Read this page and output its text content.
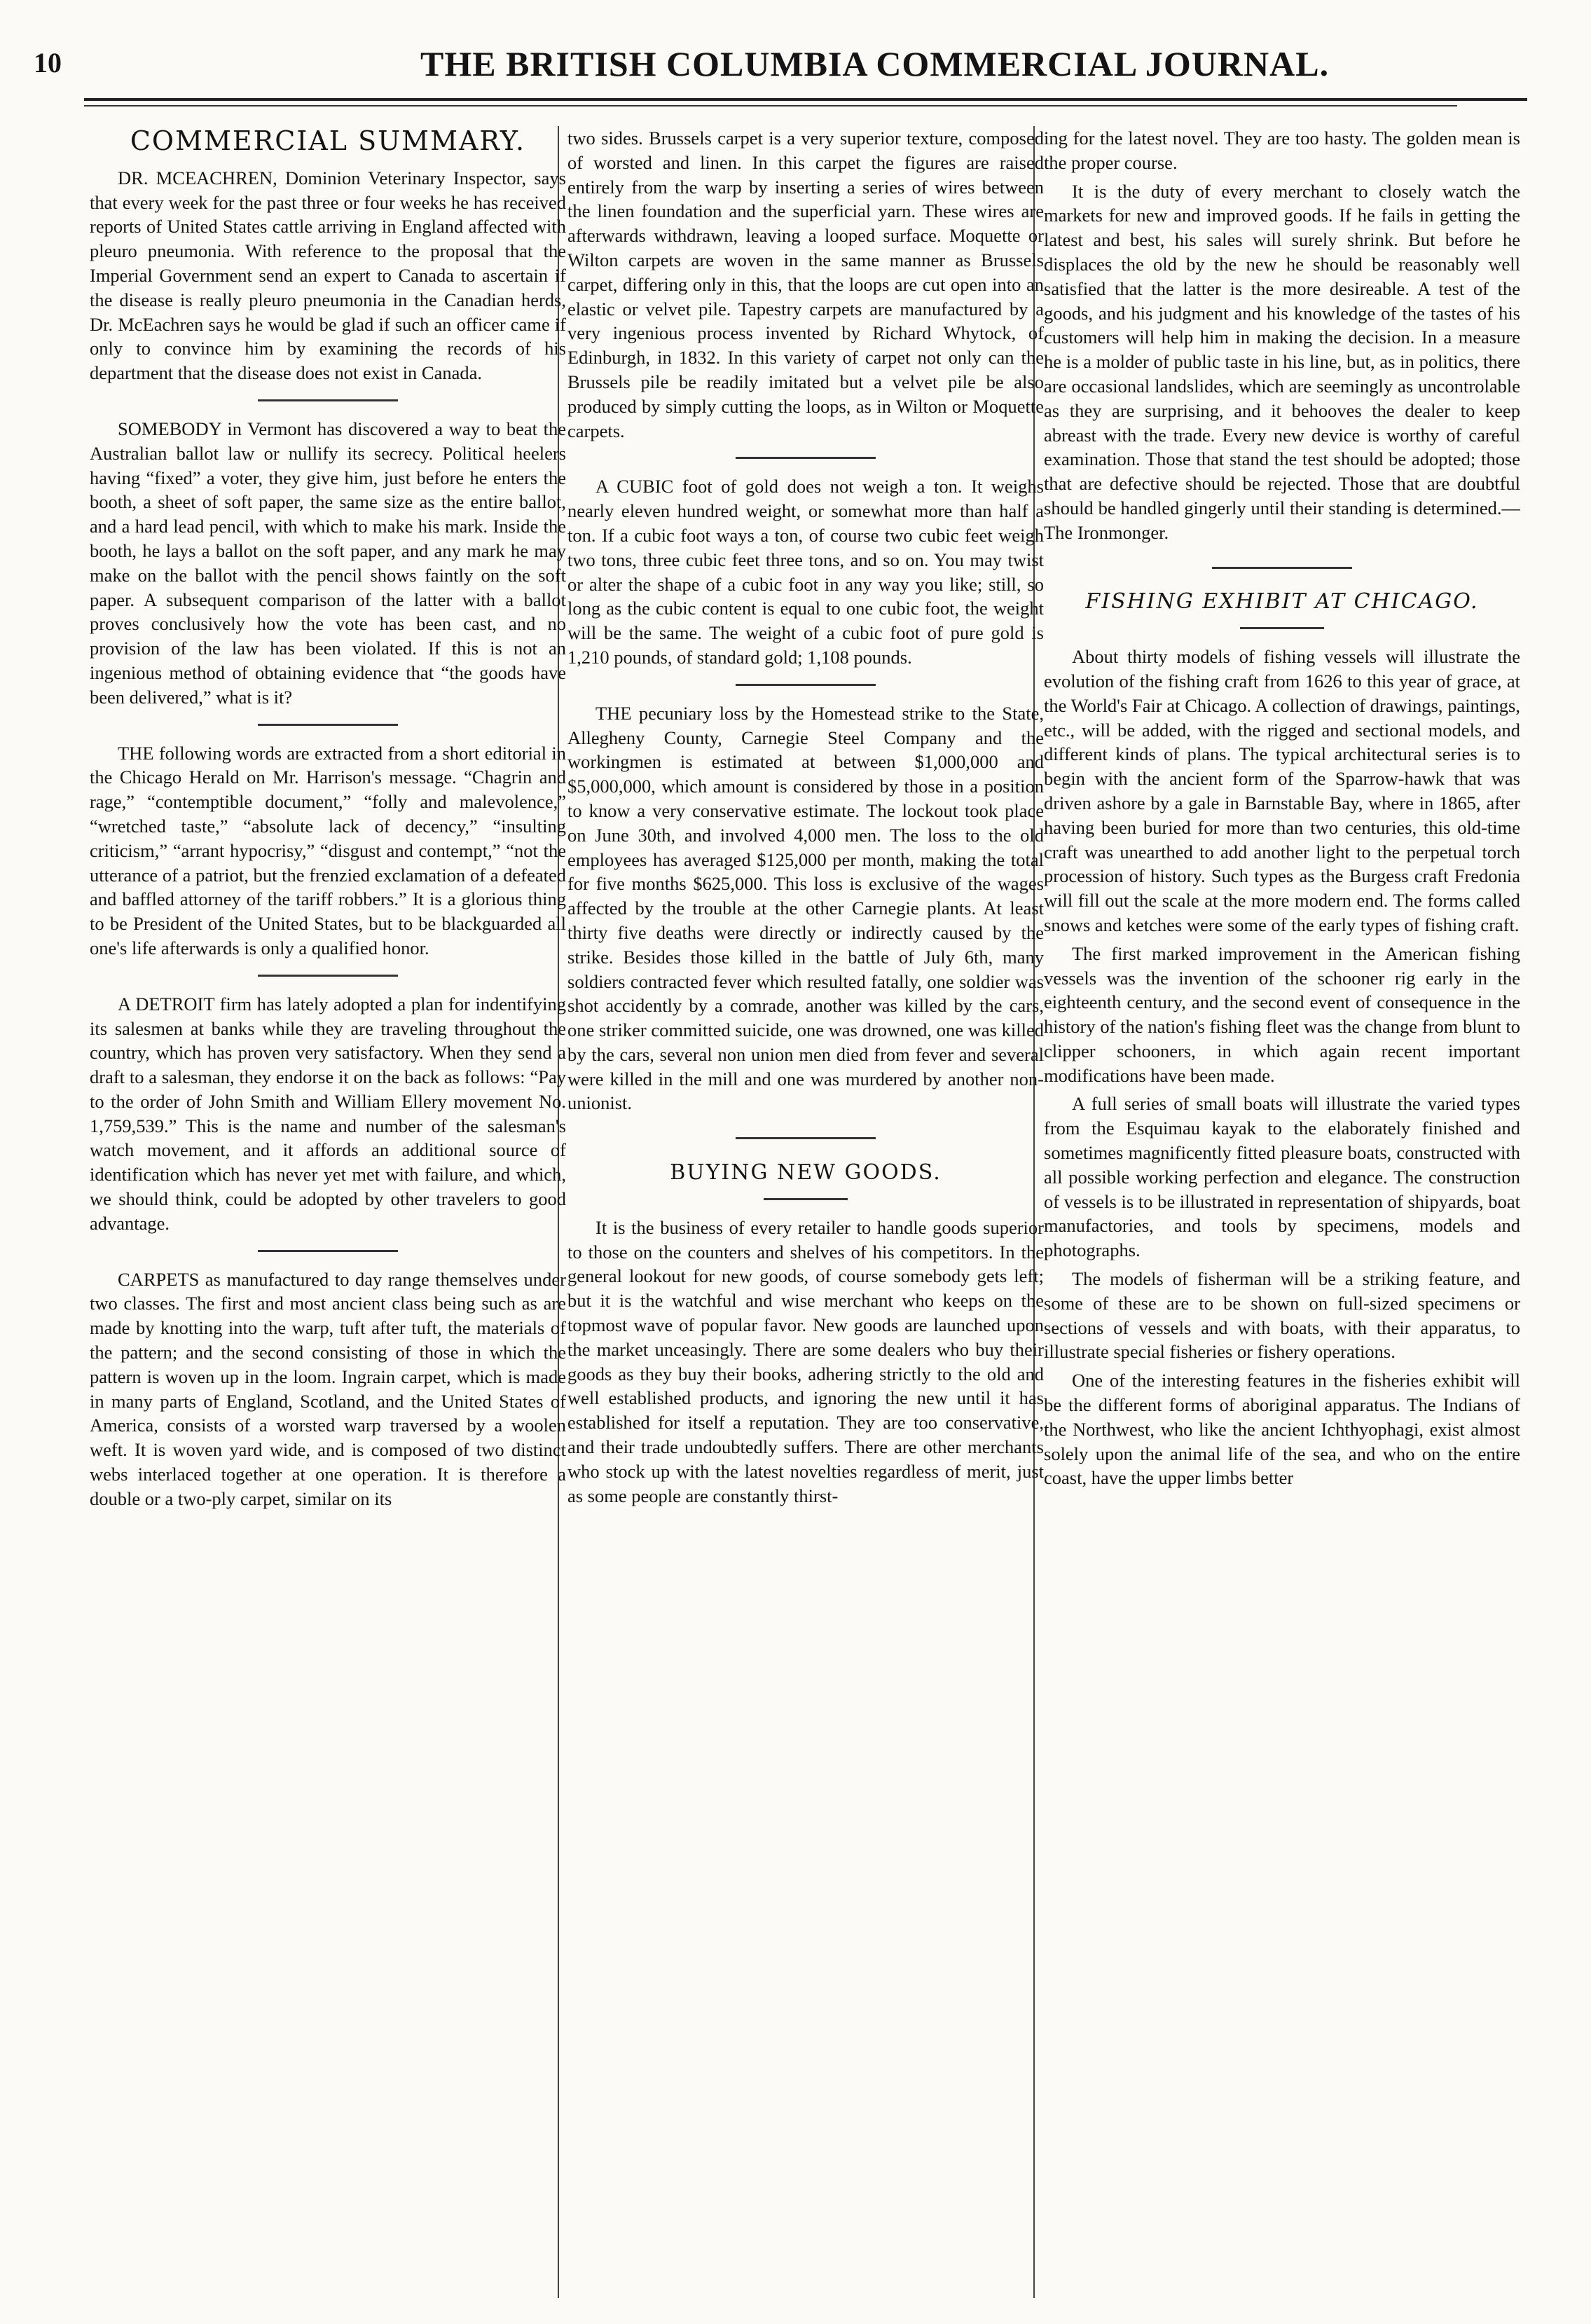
10	THE BRITISH COLUMBIA COMMERCIAL JOURNAL.
COMMERCIAL SUMMARY.

DR. MCEACHREN, Dominion Veterinary Inspector, says that every week for the past three or four weeks he has received reports of United States cattle arriving in England affected with pleuro pneumonia. With reference to the proposal that the Imperial Government send an expert to Canada to ascertain if the disease is really pleuro pneumonia in the Canadian herds, Dr. McEachren says he would be glad if such an officer came if only to convince him by examining the records of his department that the disease does not exist in Canada.

SOMEBODY in Vermont has discovered a way to beat the Australian ballot law or nullify its secrecy. Political heelers having “fixed” a voter, they give him, just before he enters the booth, a sheet of soft paper, the same size as the entire ballot, and a hard lead pencil, with which to make his mark. Inside the booth, he lays a ballot on the soft paper, and any mark he may make on the ballot with the pencil shows faintly on the soft paper. A subsequent comparison of the latter with a ballot proves conclusively how the vote has been cast, and no provision of the law has been violated. If this is not an ingenious method of obtaining evidence that “the goods have been delivered,” what is it?

THE following words are extracted from a short editorial in the Chicago Herald on Mr. Harrison's message. “Chagrin and rage,” “contemptible document,” “folly and malevolence,” “wretched taste,” “absolute lack of decency,” “insulting criticism,” “arrant hypocrisy,” “disgust and contempt,” “not the utterance of a patriot, but the frenzied exclamation of a defeated and baffled attorney of the tariff robbers.” It is a glorious thing to be President of the United States, but to be blackguarded all one's life afterwards is only a qualified honor.

A DETROIT firm has lately adopted a plan for indentifying its salesmen at banks while they are traveling throughout the country, which has proven very satisfactory. When they send a draft to a salesman, they endorse it on the back as follows: “Pay to the order of John Smith and William Ellery movement No. 1,759,539.” This is the name and number of the salesman's watch movement, and it affords an additional source of identification which has never yet met with failure, and which, we should think, could be adopted by other travelers to good advantage.

CARPETS as manufactured to day range themselves under two classes. The first and most ancient class being such as are made by knotting into the warp, tuft after tuft, the materials of the pattern; and the second consisting of those in which the pattern is woven up in the loom. Ingrain carpet, which is made in many parts of England, Scotland, and the United States of America, consists of a worsted warp traversed by a woolen weft. It is woven yard wide, and is composed of two distinct webs interlaced together at one operation. It is therefore a double or a two-ply carpet, similar on its

two sides. Brussels carpet is a very superior texture, composed of worsted and linen. In this carpet the figures are raised entirely from the warp by inserting a series of wires between the linen foundation and the superficial yarn. These wires are afterwards withdrawn, leaving a looped surface. Moquette or Wilton carpets are woven in the same manner as Brussels carpet, differing only in this, that the loops are cut open into an elastic or velvet pile. Tapestry carpets are manufactured by a very ingenious process invented by Richard Whytock, of Edinburgh, in 1832. In this variety of carpet not only can the Brussels pile be readily imitated but a velvet pile be also produced by simply cutting the loops, as in Wilton or Moquette carpets.

A CUBIC foot of gold does not weigh a ton. It weighs nearly eleven hundred weight, or somewhat more than half a ton. If a cubic foot ways a ton, of course two cubic feet weigh two tons, three cubic feet three tons, and so on. You may twist or alter the shape of a cubic foot in any way you like; still, so long as the cubic content is equal to one cubic foot, the weight will be the same. The weight of a cubic foot of pure gold is 1,210 pounds, of standard gold; 1,108 pounds.

THE pecuniary loss by the Homestead strike to the State, Allegheny County, Carnegie Steel Company and the workingmen is estimated at between $1,000,000 and $5,000,000, which amount is considered by those in a position to know a very conservative estimate. The lockout took place on June 30th, and involved 4,000 men. The loss to the old employees has averaged $125,000 per month, making the total for five months $625,000. This loss is exclusive of the wages affected by the trouble at the other Carnegie plants. At least thirty five deaths were directly or indirectly caused by the strike. Besides those killed in the battle of July 6th, many soldiers contracted fever which resulted fatally, one soldier was shot accidently by a comrade, another was killed by the cars, one striker committed suicide, one was drowned, one was killed by the cars, several non union men died from fever and several were killed in the mill and one was murdered by another non-unionist.

BUYING NEW GOODS.

It is the business of every retailer to handle goods superior to those on the counters and shelves of his competitors. In the general lookout for new goods, of course somebody gets left; but it is the watchful and wise merchant who keeps on the topmost wave of popular favor. New goods are launched upon the market unceasingly. There are some dealers who buy their goods as they buy their books, adhering strictly to the old and well established products, and ignoring the new until it has established for itself a reputation. They are too conservative, and their trade undoubtedly suffers. There are other merchants who stock up with the latest novelties regardless of merit, just as some people are constantly thirst-

ing for the latest novel. They are too hasty. The golden mean is the proper course.

It is the duty of every merchant to closely watch the markets for new and improved goods. If he fails in getting the latest and best, his sales will surely shrink. But before he displaces the old by the new he should be reasonably well satisfied that the latter is the more desireable. A test of the goods, and his judgment and his knowledge of the tastes of his customers will help him in making the decision. In a measure he is a molder of public taste in his line, but, as in politics, there are occasional landslides, which are seemingly as uncontrolable as they are surprising, and it behooves the dealer to keep abreast with the trade. Every new device is worthy of careful examination. Those that stand the test should be adopted; those that are defective should be rejected. Those that are doubtful should be handled gingerly until their standing is determined.—The Ironmonger.

FISHING EXHIBIT AT CHICAGO.

About thirty models of fishing vessels will illustrate the evolution of the fishing craft from 1626 to this year of grace, at the World's Fair at Chicago. A collection of drawings, paintings, etc., will be added, with the rigged and sectional models, and different kinds of plans. The typical architectural series is to begin with the ancient form of the Sparrow-hawk that was driven ashore by a gale in Barnstable Bay, where in 1865, after having been buried for more than two centuries, this old-time craft was unearthed to add another light to the perpetual torch procession of history. Such types as the Burgess craft Fredonia will fill out the scale at the more modern end. The forms called snows and ketches were some of the early types of fishing craft.

The first marked improvement in the American fishing vessels was the invention of the schooner rig early in the eighteenth century, and the second event of consequence in the history of the nation's fishing fleet was the change from blunt to clipper schooners, in which again recent important modifications have been made.

A full series of small boats will illustrate the varied types from the Esquimau kayak to the elaborately finished and sometimes magnificently fitted pleasure boats, constructed with all possible working perfection and elegance. The construction of vessels is to be illustrated in representation of shipyards, boat manufactories, and tools by specimens, models and photographs.

The models of fisherman will be a striking feature, and some of these are to be shown on full-sized specimens or sections of vessels and with boats, with their apparatus, to illustrate special fisheries or fishery operations.

One of the interesting features in the fisheries exhibit will be the different forms of aboriginal apparatus. The Indians of the Northwest, who like the ancient Ichthyophagi, exist almost solely upon the animal life of the sea, and who on the entire coast, have the upper limbs better
